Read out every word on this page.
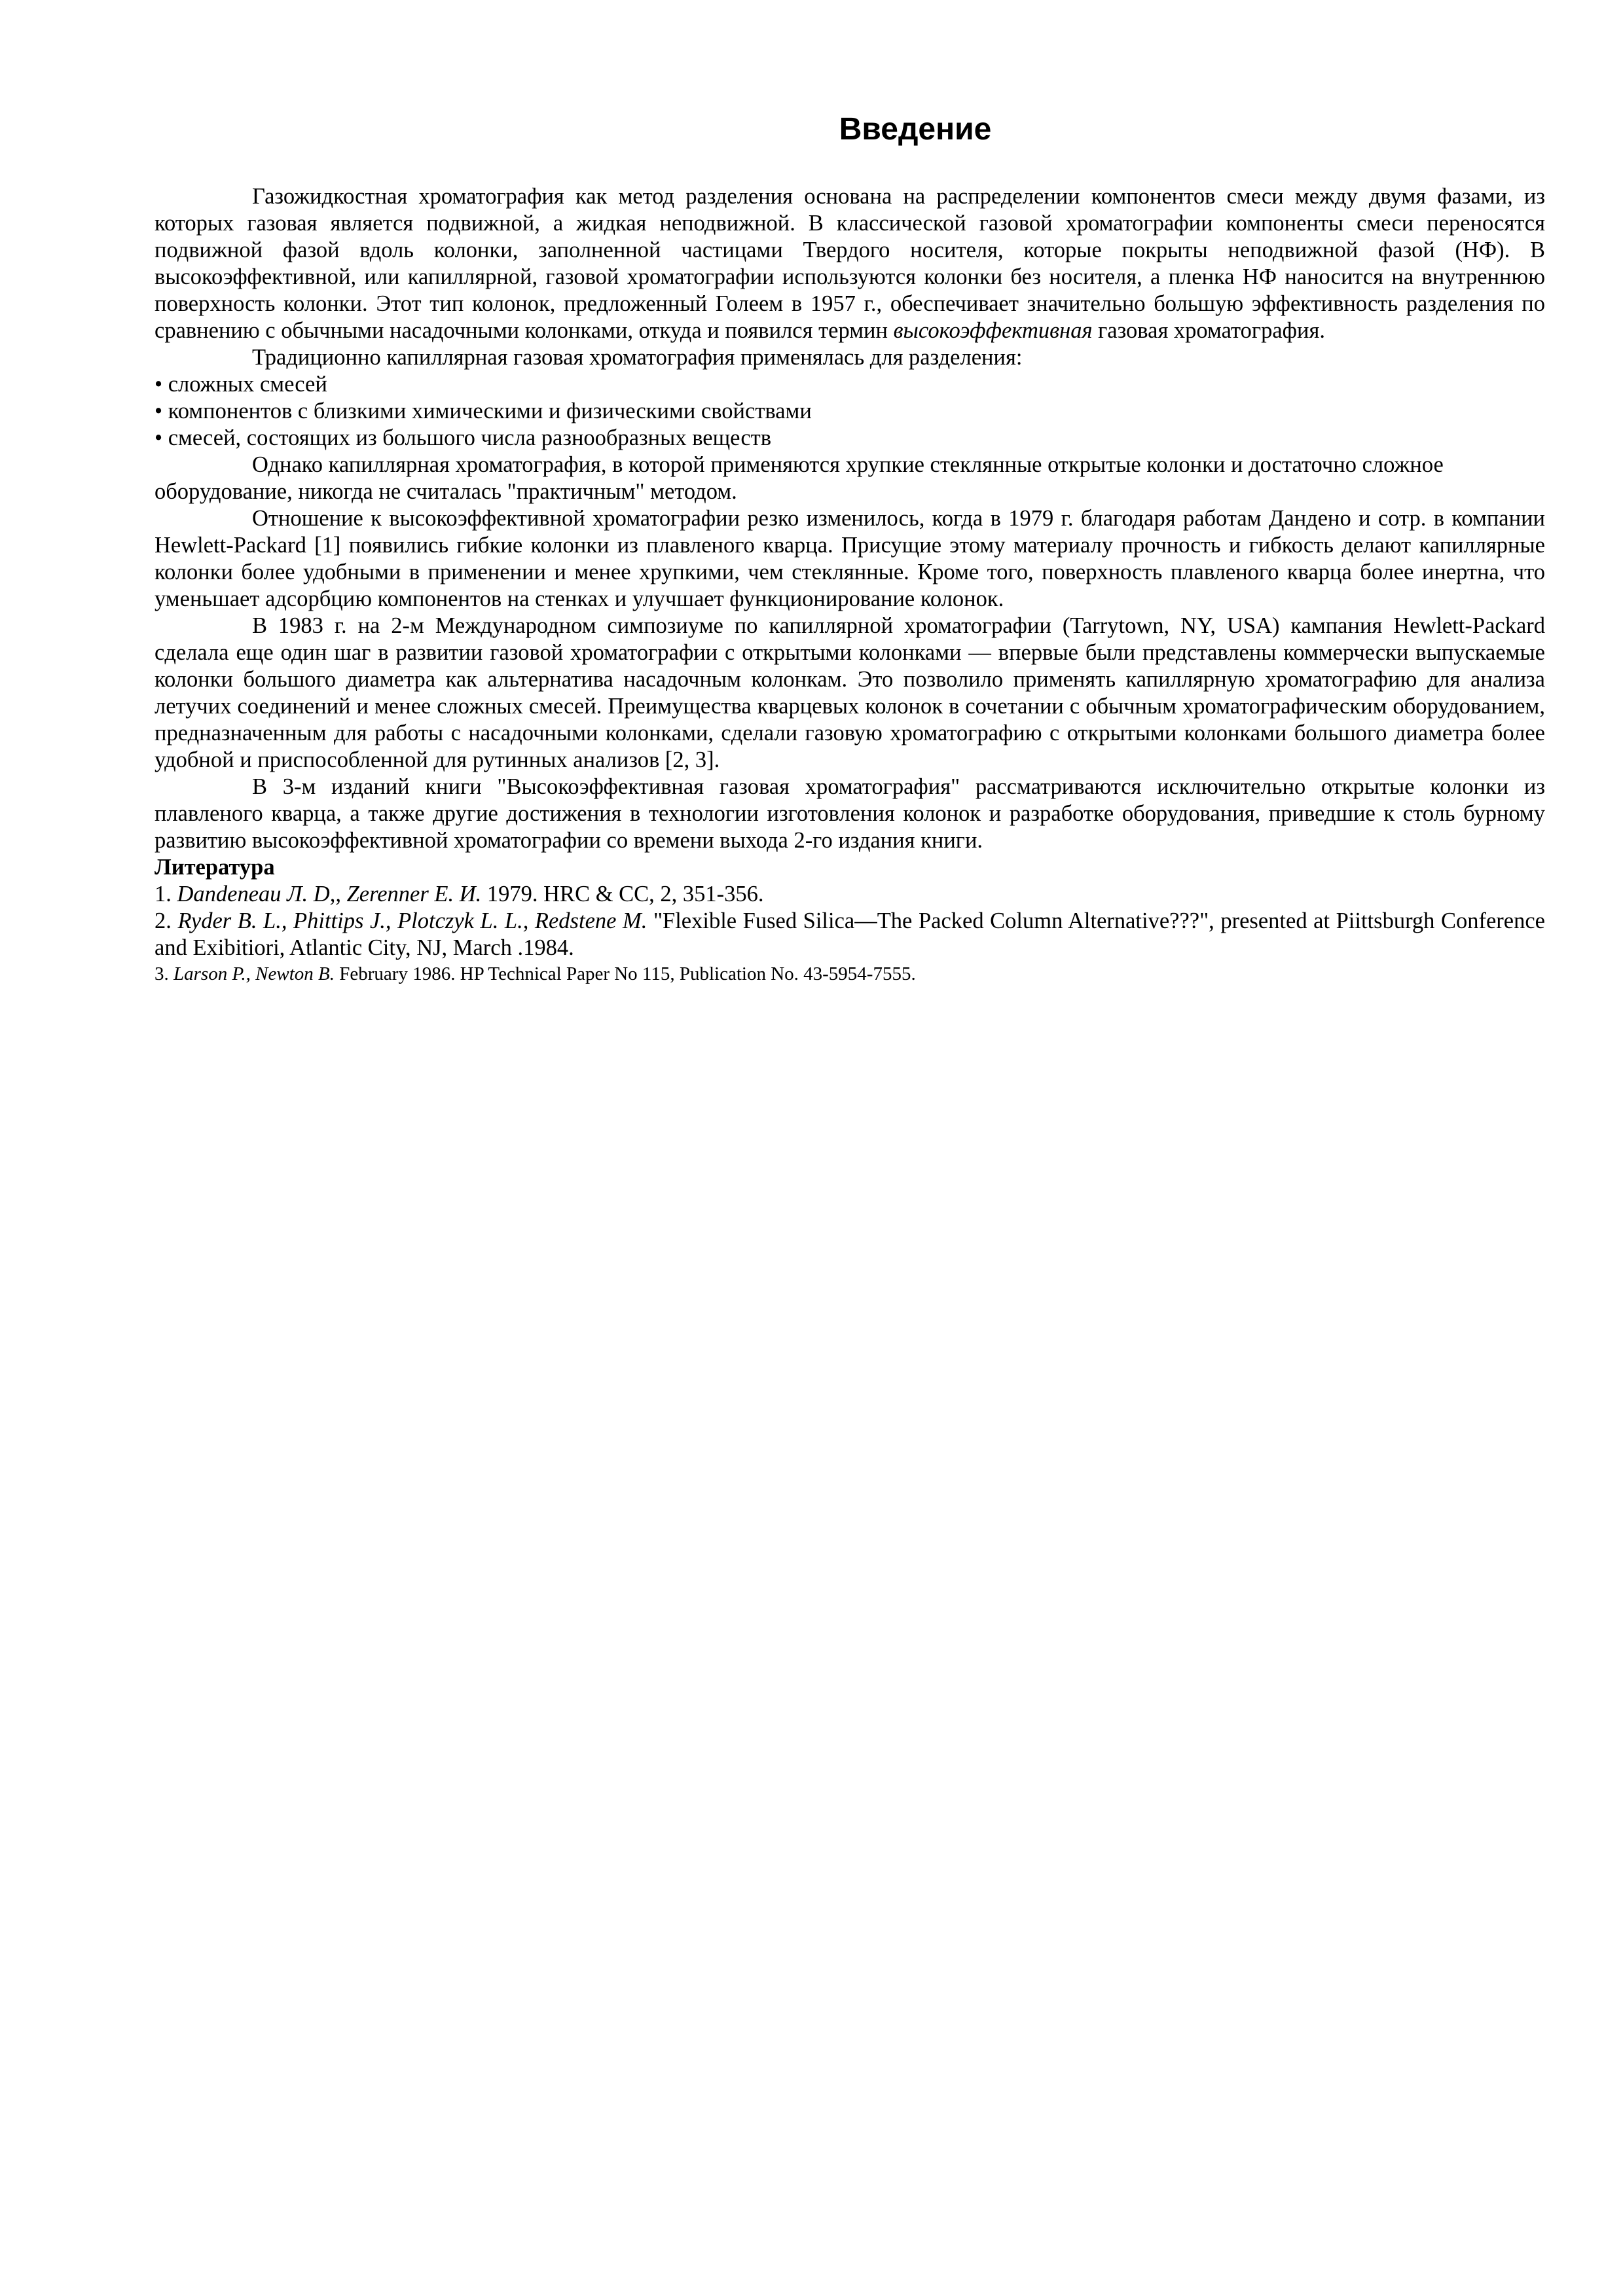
Введение

Газожидкостная хроматография как метод разделения основана на распределении компонентов смеси между двумя фазами, из которых газовая является подвижной, а жидкая неподвижной. В классической газовой хроматографии компоненты смеси переносятся подвижной фазой вдоль колонки, заполненной частицами Твердого носителя, которые покрыты неподвижной фазой (НФ). В высокоэффективной, или капиллярной, газовой хроматографии используются колонки без носителя, а пленка НФ наносится на внутреннюю поверхность колонки. Этот тип колонок, предложенный Голеем в 1957 г., обеспечивает значительно большую эффективность разделения по сравнению с обычными насадочными колонками, откуда и появился термин высокоэффективная газовая хроматография.

Традиционно капиллярная газовая хроматография применялась для разделения:

• сложных смесей
• компонентов с близкими химическими и физическими свойствами
• смесей, состоящих из большого числа разнообразных веществ

Однако капиллярная хроматография, в которой применяются хрупкие стеклянные открытые колонки и достаточно сложное оборудование, никогда не считалась "практичным" методом.

Отношение к высокоэффективной хроматографии резко изменилось, когда в 1979 г. благодаря работам Дандено и сотр. в компании Hewlett-Packard [1] появились гибкие колонки из плавленого кварца. Присущие этому материалу прочность и гибкость делают капиллярные колонки более удобными в применении и менее хрупкими, чем стеклянные. Кроме того, поверхность плавленого кварца более инертна, что уменьшает адсорбцию компонентов на стенках и улучшает функционирование колонок.

В 1983 г. на 2-м Международном симпозиуме по капиллярной хроматографии (Tarrytown, NY, USA) кампания Hewlett-Packard сделала еще один шаг в развитии газовой хроматографии с открытыми колонками — впервые были представлены коммерчески выпускаемые колонки большого диаметра как альтернатива насадочным колонкам. Это позволило применять капиллярную хроматографию для анализа летучих соединений и менее сложных смесей. Преимущества кварцевых колонок в сочетании с обычным хроматографическим оборудованием, предназначенным для работы с насадочными колонками, сделали газовую хроматографию с открытыми колонками большого диаметра более удобной и приспособленной для рутинных анализов [2, 3].

В 3-м изданий книги "Высокоэффективная газовая хроматография" рассматриваются исключительно открытые колонки из плавленого кварца, а также другие достижения в технологии изготовления колонок и разработке оборудования, приведшие к столь бурному развитию высокоэффективной хроматографии со времени выхода 2-го издания книги.

Литература

1. Dandeneau Л. D,, Zerenner E. И. 1979. HRC & CC, 2, 351-356.

2. Ryder B. L., Phittips J., Plotczyk L. L., Redstene M. "Flexible Fused Silica—The Packed Column Alternative???", presented at Piittsburgh Conference and Exibitiori, Atlantic City, NJ, March .1984.

3. Larson P., Newton B. February 1986. HP Technical Paper No 115, Publication No. 43-5954-7555.
